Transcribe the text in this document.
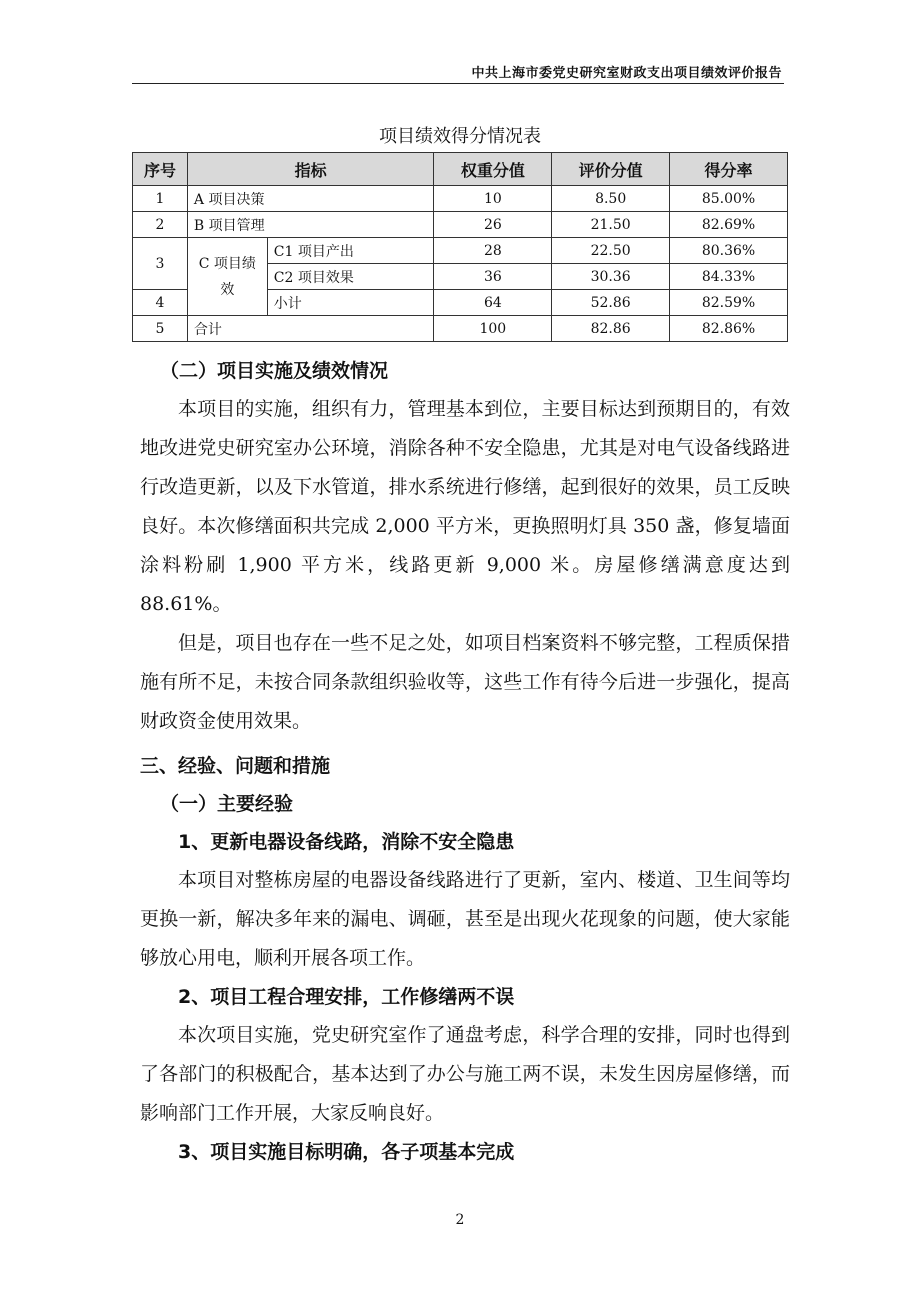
中共上海市委党史研究室财政支出项目绩效评价报告
项目绩效得分情况表
序号	指标		权重分值	评价分值	得分率
1	A 项目决策		10	8.50	85.00%
2	B 项目管理		26	21.50	82.69%
3	C 项目绩效	C1 项目产出	28	22.50	80.36%
		C2 项目效果	36	30.36	84.33%
4		小计	64	52.86	82.59%
5	合计		100	82.86	82.86%
（二）项目实施及绩效情况

本项目的实施，组织有力，管理基本到位，主要目标达到预期目的，有效地改进党史研究室办公环境，消除各种不安全隐患，尤其是对电气设备线路进行改造更新，以及下水管道，排水系统进行修缮，起到很好的效果，员工反映良好。本次修缮面积共完成 2,000 平方米，更换照明灯具 350 盏，修复墙面涂料粉刷 1,900 平方米，线路更新 9,000 米。房屋修缮满意度达到 88.61%。

但是，项目也存在一些不足之处，如项目档案资料不够完整，工程质保措施有所不足，未按合同条款组织验收等，这些工作有待今后进一步强化，提高财政资金使用效果。

三、经验、问题和措施
（一）主要经验
1、更新电器设备线路，消除不安全隐患

本项目对整栋房屋的电器设备线路进行了更新，室内、楼道、卫生间等均更换一新，解决多年来的漏电、调砸，甚至是出现火花现象的问题，使大家能够放心用电，顺利开展各项工作。

2、项目工程合理安排，工作修缮两不误

本次项目实施，党史研究室作了通盘考虑，科学合理的安排，同时也得到了各部门的积极配合，基本达到了办公与施工两不误，未发生因房屋修缮，而影响部门工作开展，大家反响良好。

3、项目实施目标明确，各子项基本完成
2
